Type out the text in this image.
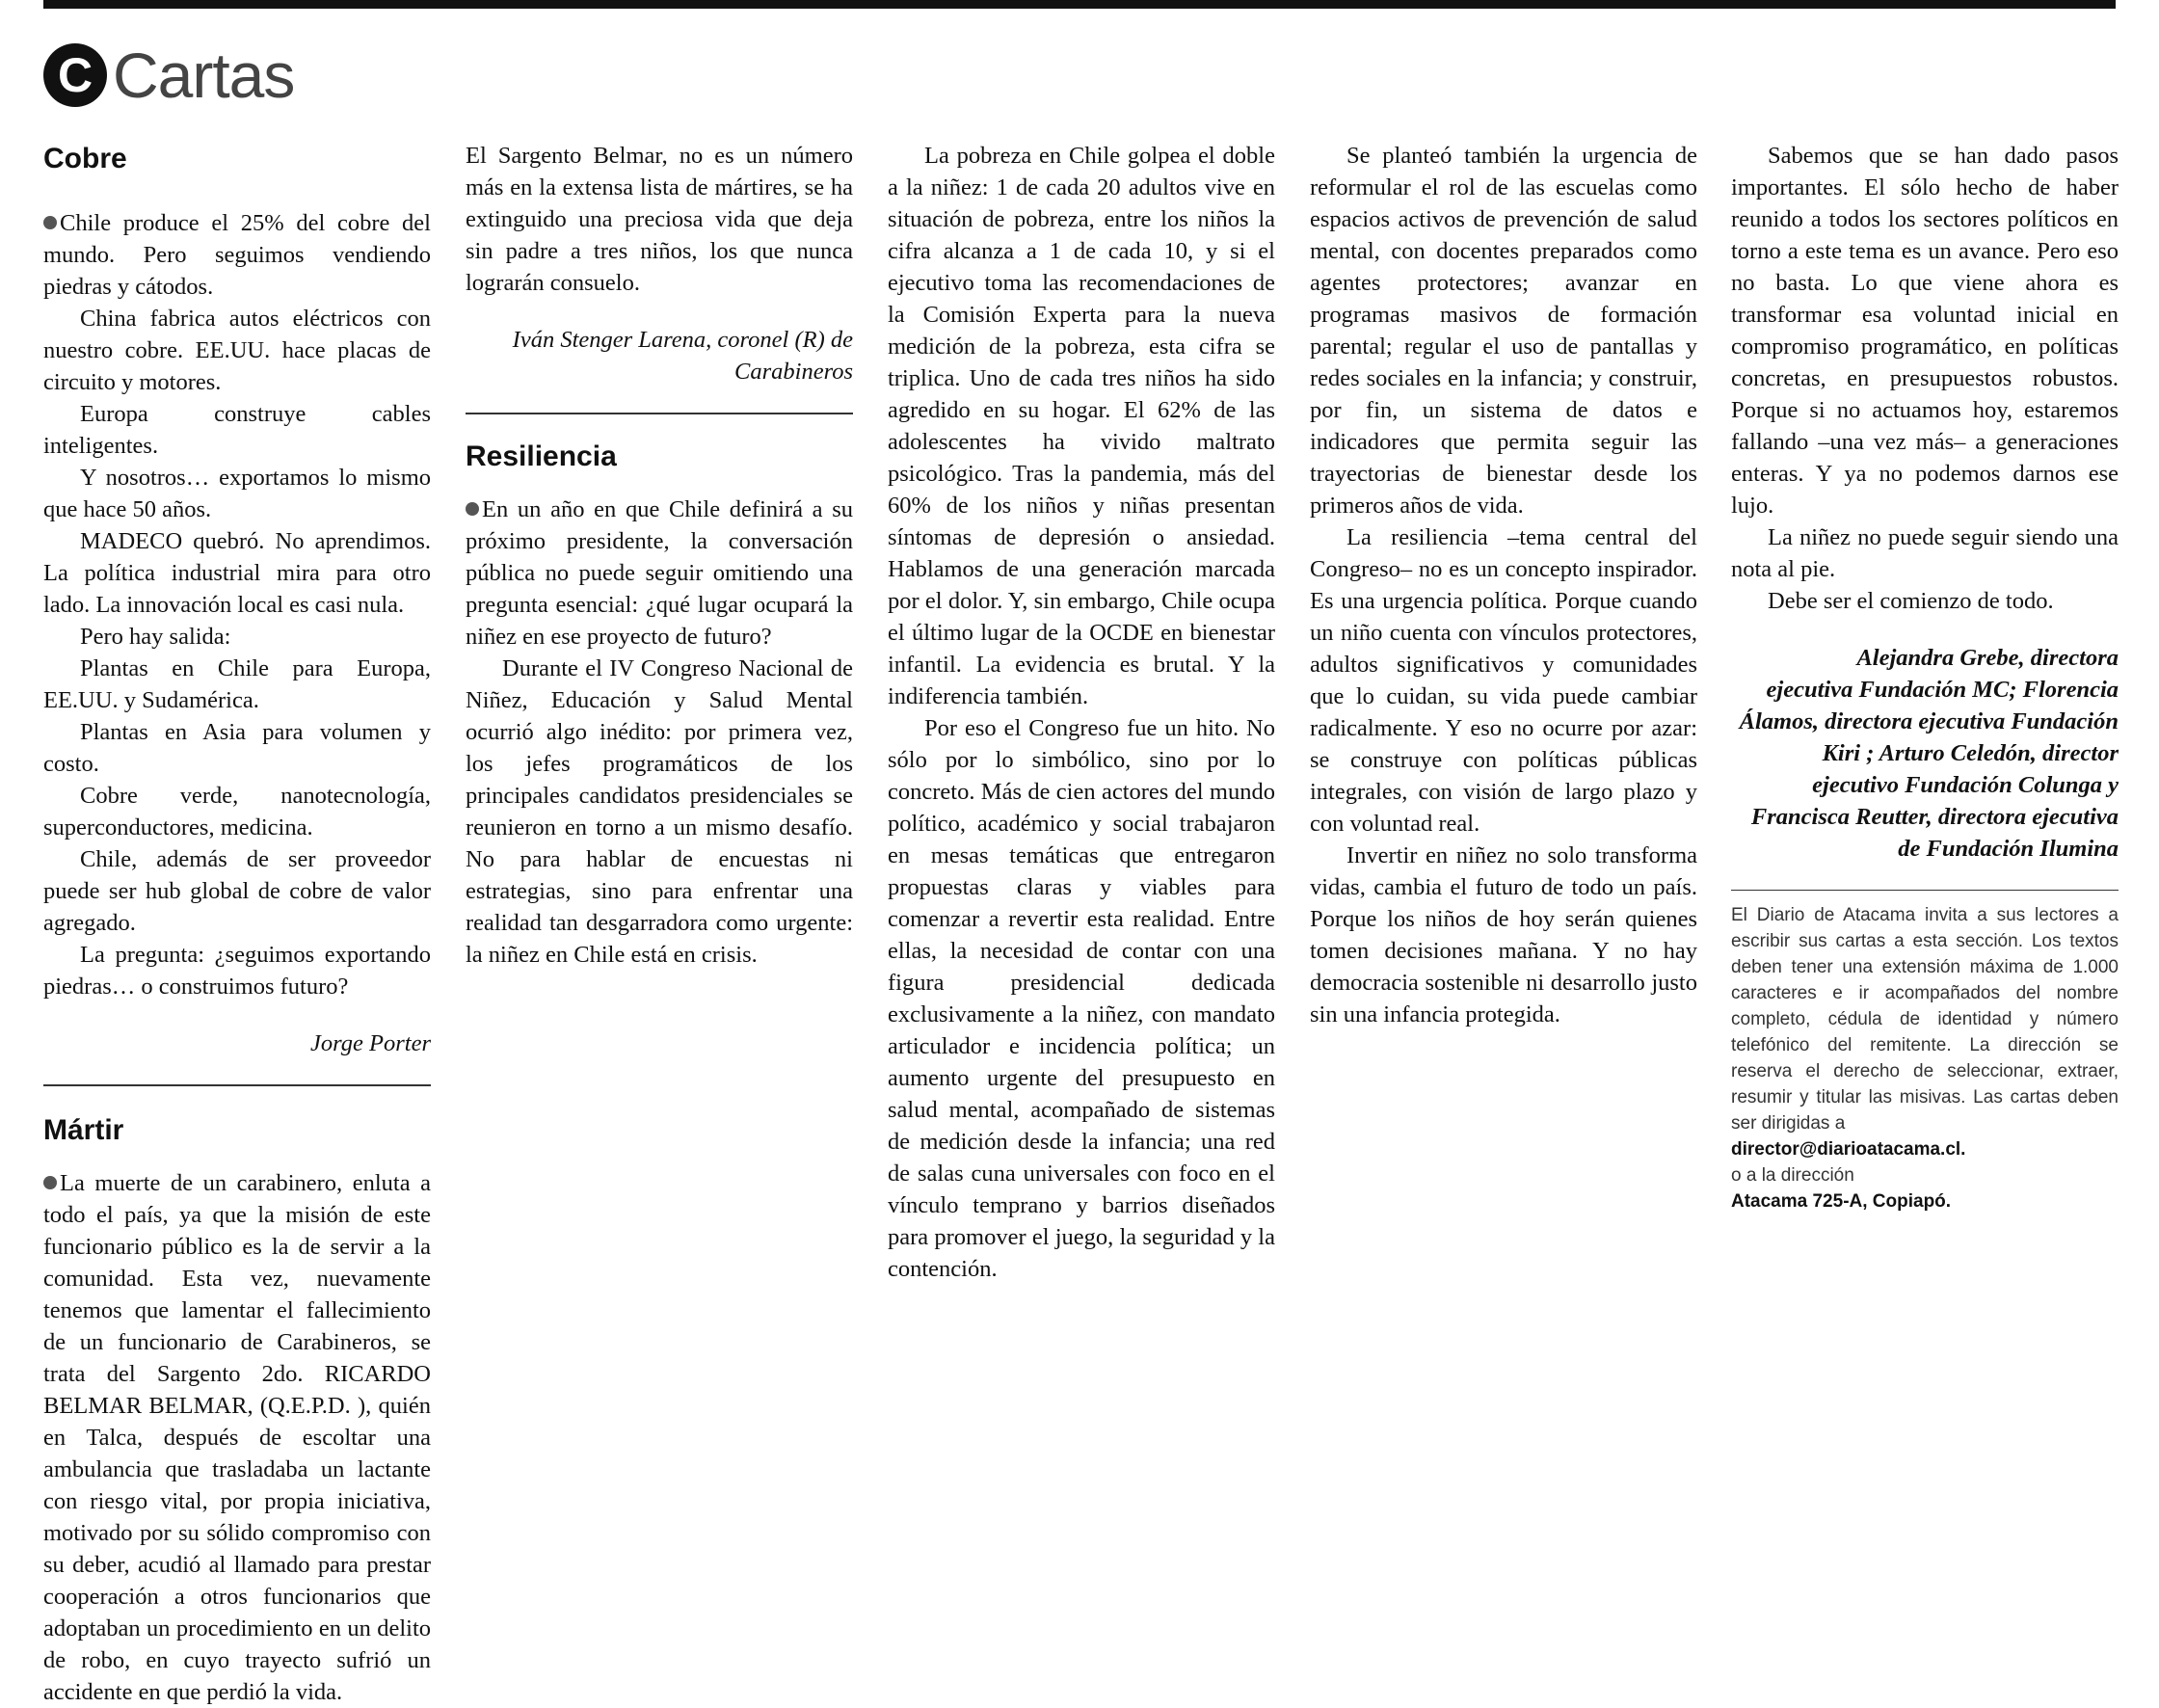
C Cartas
Cobre

Chile produce el 25% del cobre del mundo. Pero seguimos vendiendo piedras y cátodos.

China fabrica autos eléctricos con nuestro cobre. EE.UU. hace placas de circuito y motores.

Europa construye cables inteligentes.

Y nosotros… exportamos lo mismo que hace 50 años.

MADECO quebró. No aprendimos. La política industrial mira para otro lado. La innovación local es casi nula.

Pero hay salida:

Plantas en Chile para Europa, EE.UU. y Sudamérica.

Plantas en Asia para volumen y costo.

Cobre verde, nanotecnología, superconductores, medicina.

Chile, además de ser proveedor puede ser hub global de cobre de valor agregado.

La pregunta: ¿seguimos exportando piedras… o construimos futuro?

Jorge Porter

Mártir

La muerte de un carabinero, enluta a todo el país, ya que la misión de este funcionario público es la de servir a la comunidad. Esta vez, nuevamente tenemos que lamentar el fallecimiento de un funcionario de Carabineros, se trata del Sargento 2do. RICARDO BELMAR BELMAR, (Q.E.P.D. ), quién en Talca, después de escoltar una ambulancia que trasladaba un lactante con riesgo vital, por propia iniciativa, motivado por su sólido compromiso con su deber, acudió al llamado para prestar cooperación a otros funcionarios que adoptaban un procedimiento en un delito de robo, en cuyo trayecto sufrió un accidente en que perdió la vida.

El Sargento Belmar, no es un número más en la extensa lista de mártires, se ha extinguido una preciosa vida que deja sin padre a tres niños, los que nunca lograrán consuelo.

Iván Stenger Larena, coronel (R) de Carabineros

Resiliencia

En un año en que Chile definirá a su próximo presidente, la conversación pública no puede seguir omitiendo una pregunta esencial: ¿qué lugar ocupará la niñez en ese proyecto de futuro?

Durante el IV Congreso Nacional de Niñez, Educación y Salud Mental ocurrió algo inédito: por primera vez, los jefes programáticos de los principales candidatos presidenciales se reunieron en torno a un mismo desafío. No para hablar de encuestas ni estrategias, sino para enfrentar una realidad tan desgarradora como urgente: la niñez en Chile está en crisis.

La pobreza en Chile golpea el doble a la niñez: 1 de cada 20 adultos vive en situación de pobreza, entre los niños la cifra alcanza a 1 de cada 10, y si el ejecutivo toma las recomendaciones de la Comisión Experta para la nueva medición de la pobreza, esta cifra se triplica. Uno de cada tres niños ha sido agredido en su hogar. El 62% de las adolescentes ha vivido maltrato psicológico. Tras la pandemia, más del 60% de los niños y niñas presentan síntomas de depresión o ansiedad. Hablamos de una generación marcada por el dolor. Y, sin embargo, Chile ocupa el último lugar de la OCDE en bienestar infantil. La evidencia es brutal. Y la indiferencia también.

Por eso el Congreso fue un hito. No sólo por lo simbólico, sino por lo concreto. Más de cien actores del mundo político, académico y social trabajaron en mesas temáticas que entregaron propuestas claras y viables para comenzar a revertir esta realidad. Entre ellas, la necesidad de contar con una figura presidencial dedicada exclusivamente a la niñez, con mandato articulador e incidencia política; un aumento urgente del presupuesto en salud mental, acompañado de sistemas de medición desde la infancia; una red de salas cuna universales con foco en el vínculo temprano y barrios diseñados para promover el juego, la seguridad y la contención.

Se planteó también la urgencia de reformular el rol de las escuelas como espacios activos de prevención de salud mental, con docentes preparados como agentes protectores; avanzar en programas masivos de formación parental; regular el uso de pantallas y redes sociales en la infancia; y construir, por fin, un sistema de datos e indicadores que permita seguir las trayectorias de bienestar desde los primeros años de vida.

La resiliencia –tema central del Congreso– no es un concepto inspirador. Es una urgencia política. Porque cuando un niño cuenta con vínculos protectores, adultos significativos y comunidades que lo cuidan, su vida puede cambiar radicalmente. Y eso no ocurre por azar: se construye con políticas públicas integrales, con visión de largo plazo y con voluntad real.

Invertir en niñez no solo transforma vidas, cambia el futuro de todo un país. Porque los niños de hoy serán quienes tomen decisiones mañana. Y no hay democracia sostenible ni desarrollo justo sin una infancia protegida.

Sabemos que se han dado pasos importantes. El sólo hecho de haber reunido a todos los sectores políticos en torno a este tema es un avance. Pero eso no basta. Lo que viene ahora es transformar esa voluntad inicial en compromiso programático, en políticas concretas, en presupuestos robustos. Porque si no actuamos hoy, estaremos fallando –una vez más– a generaciones enteras. Y ya no podemos darnos ese lujo.

La niñez no puede seguir siendo una nota al pie.

Debe ser el comienzo de todo.

Alejandra Grebe, directora ejecutiva Fundación MC; Florencia Álamos, directora ejecutiva Fundación Kiri ; Arturo Celedón, director ejecutivo Fundación Colunga y Francisca Reutter, directora ejecutiva de Fundación Ilumina

El Diario de Atacama invita a sus lectores a escribir sus cartas a esta sección. Los textos deben tener una extensión máxima de 1.000 caracteres e ir acompañados del nombre completo, cédula de identidad y número telefónico del remitente. La dirección se reserva el derecho de seleccionar, extraer, resumir y titular las misivas. Las cartas deben ser dirigidas a
director@diarioatacama.cl.
o a la dirección
Atacama 725-A, Copiapó.
